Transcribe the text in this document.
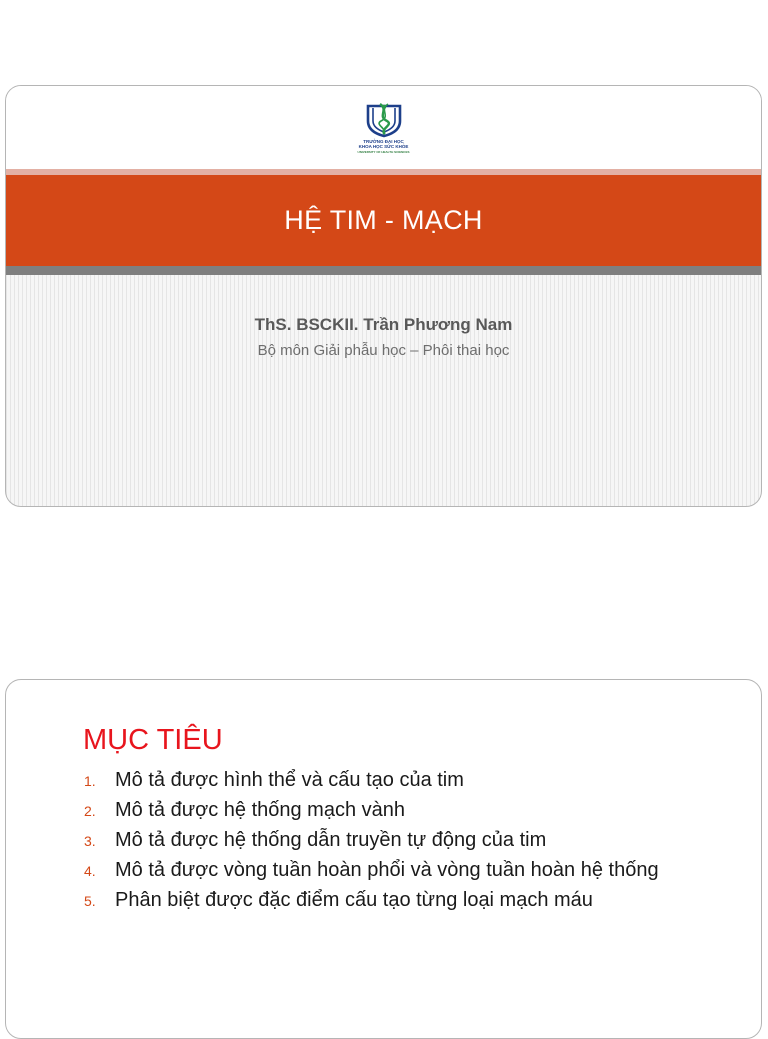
TRƯỜNG ĐẠI HỌC
KHOA HỌC SỨC KHỎE
UNIVERSITY OF HEALTH SCIENCES
HỆ TIM - MẠCH
ThS. BSCKII. Trần Phương Nam
Bộ môn Giải phẫu học – Phôi thai học
MỤC TIÊU
1. Mô tả được hình thể và cấu tạo của tim
2. Mô tả được hệ thống mạch vành
3. Mô tả được hệ thống dẫn truyền tự động của tim
4. Mô tả được vòng tuần hoàn phổi và vòng tuần hoàn hệ thống
5. Phân biệt được đặc điểm cấu tạo từng loại mạch máu
